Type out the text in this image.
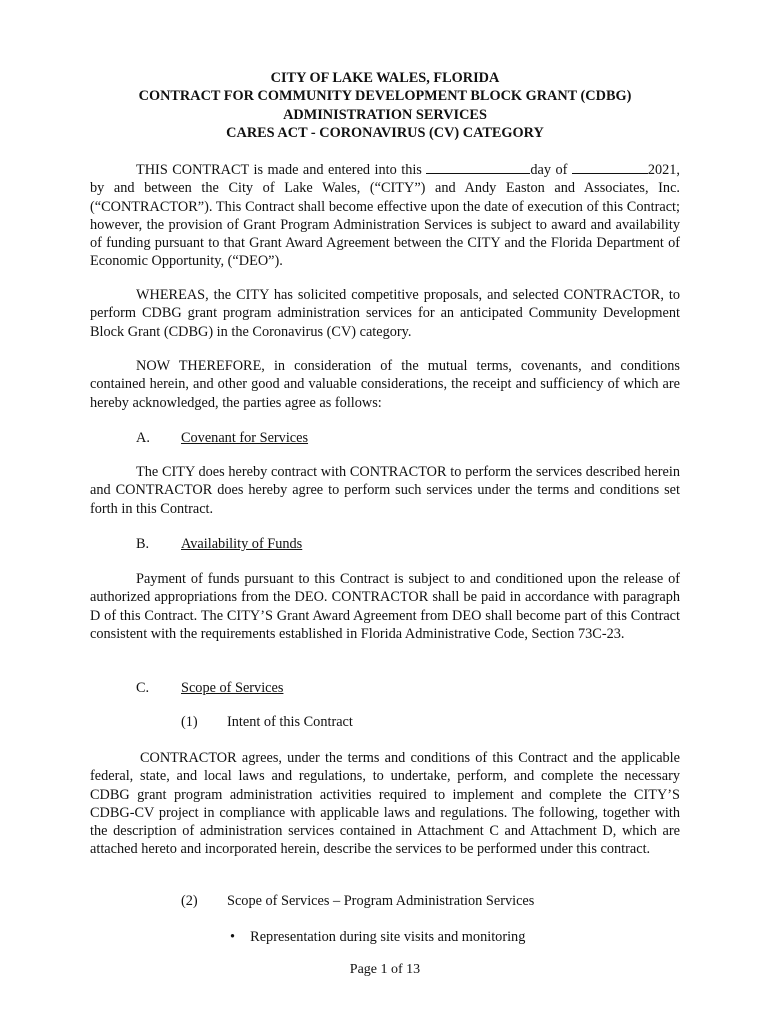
CITY OF LAKE WALES, FLORIDA
CONTRACT FOR COMMUNITY DEVELOPMENT BLOCK GRANT (CDBG)
ADMINISTRATION SERVICES
CARES ACT - CORONAVIRUS (CV) CATEGORY
THIS CONTRACT is made and entered into this	day of	2021, by and between the City of Lake Wales, (“CITY”) and Andy Easton and Associates, Inc. (“CONTRACTOR”). This Contract shall become effective upon the date of execution of this Contract; however, the provision of Grant Program Administration Services is subject to award and availability of funding pursuant to that Grant Award Agreement between the CITY and the Florida Department of Economic Opportunity, (“DEO”).
WHEREAS, the CITY has solicited competitive proposals, and selected CONTRACTOR, to perform CDBG grant program administration services for an anticipated Community Development Block Grant (CDBG) in the Coronavirus (CV) category.
NOW THEREFORE, in consideration of the mutual terms, covenants, and conditions contained herein, and other good and valuable considerations, the receipt and sufficiency of which are hereby acknowledged, the parties agree as follows:
A. Covenant for Services
The CITY does hereby contract with CONTRACTOR to perform the services described herein and CONTRACTOR does hereby agree to perform such services under the terms and conditions set forth in this Contract.
B. Availability of Funds
Payment of funds pursuant to this Contract is subject to and conditioned upon the release of authorized appropriations from the DEO. CONTRACTOR shall be paid in accordance with paragraph D of this Contract. The CITY’S Grant Award Agreement from DEO shall become part of this Contract consistent with the requirements established in Florida Administrative Code, Section 73C-23.
C. Scope of Services
(1) Intent of this Contract
CONTRACTOR agrees, under the terms and conditions of this Contract and the applicable federal, state, and local laws and regulations, to undertake, perform, and complete the necessary CDBG grant program administration activities required to implement and complete the CITY’S CDBG-CV project in compliance with applicable laws and regulations. The following, together with the description of administration services contained in Attachment C and Attachment D, which are attached hereto and incorporated herein, describe the services to be performed under this contract.
(2) Scope of Services – Program Administration Services
• Representation during site visits and monitoring
Page 1 of 13
